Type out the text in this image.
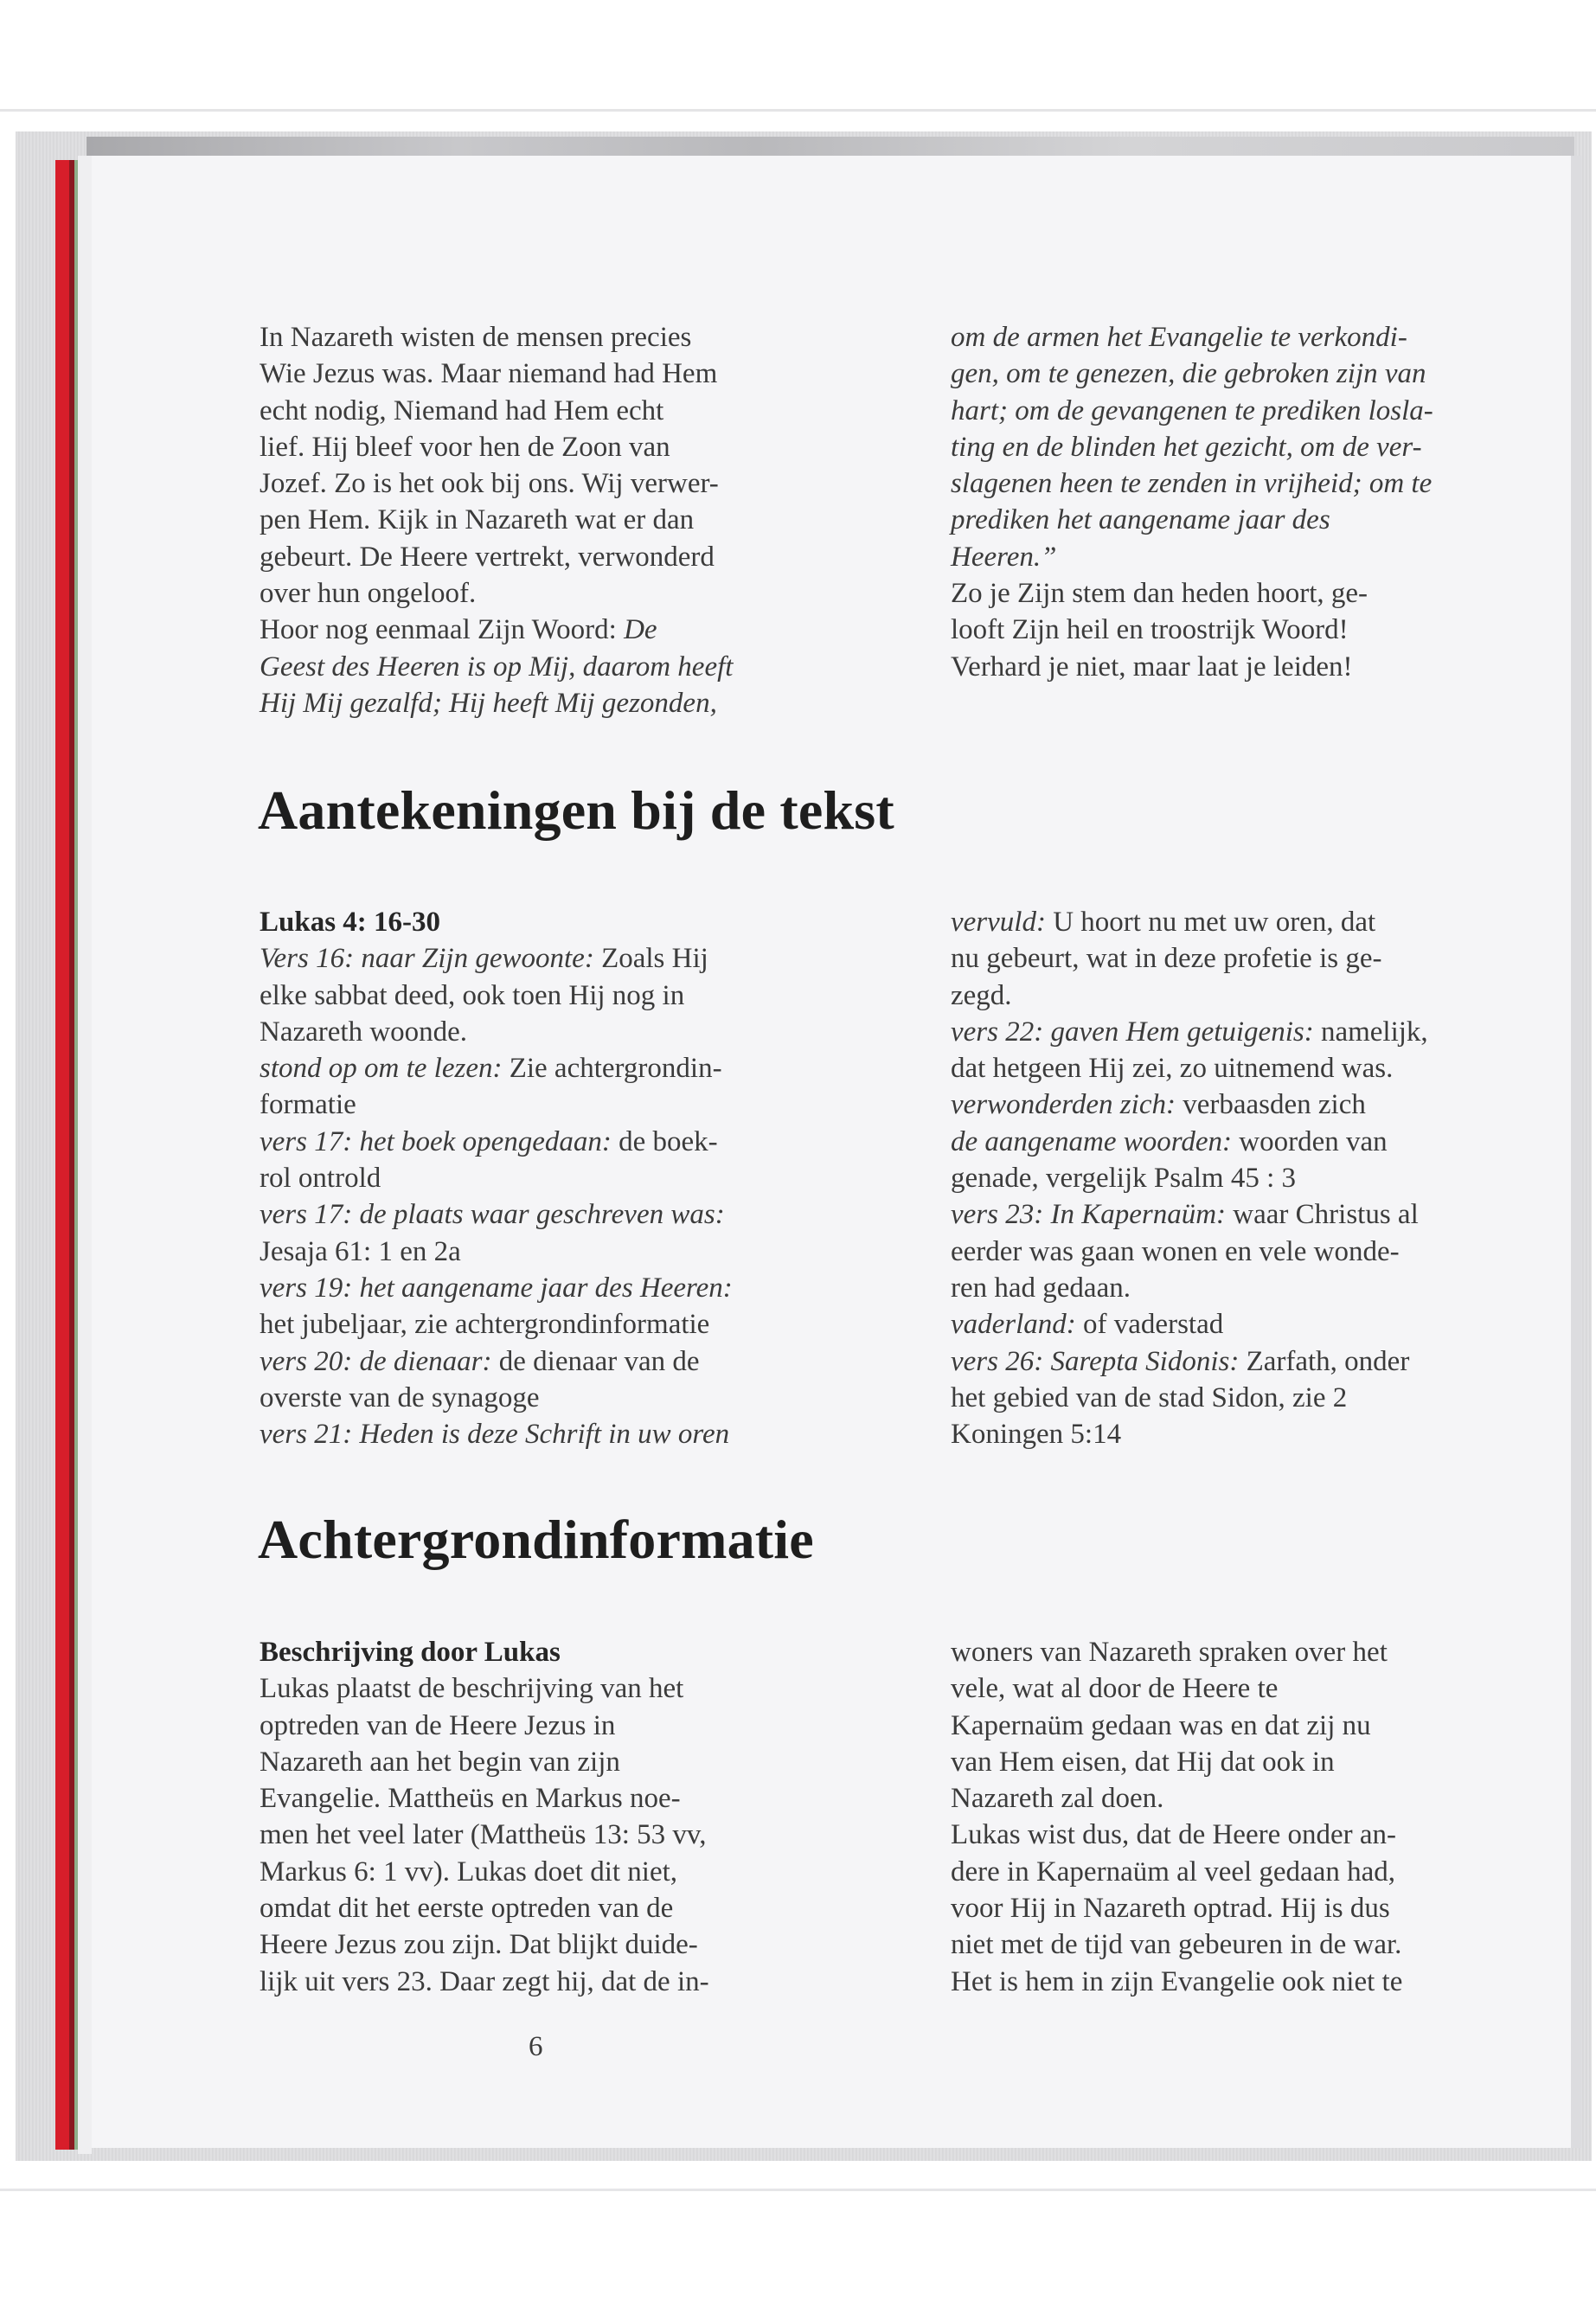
In Nazareth wisten de mensen precies

Wie Jezus was. Maar niemand had Hem

echt nodig, Niemand had Hem echt

lief. Hij bleef voor hen de Zoon van

Jozef. Zo is het ook bij ons. Wij verwer-

pen Hem. Kijk in Nazareth wat er dan

gebeurt. De Heere vertrekt, verwonderd

over hun ongeloof.

Hoor nog eenmaal Zijn Woord: De

Geest des Heeren is op Mij, daarom heeft

Hij Mij gezalfd; Hij heeft Mij gezonden,

om de armen het Evangelie te verkondi-

gen, om te genezen, die gebroken zijn van

hart; om de gevangenen te prediken losla-

ting en de blinden het gezicht, om de ver-

slagenen heen te zenden in vrijheid; om te

prediken het aangename jaar des

Heeren.”

Zo je Zijn stem dan heden hoort, ge-

looft Zijn heil en troostrijk Woord!

Verhard je niet, maar laat je leiden!

Aantekeningen bij de tekst

Lukas 4: 16-30

Vers 16: naar Zijn gewoonte: Zoals Hij

elke sabbat deed, ook toen Hij nog in

Nazareth woonde.

stond op om te lezen: Zie achtergrondin-

formatie

vers 17: het boek opengedaan: de boek-

rol ontrold

vers 17: de plaats waar geschreven was:

Jesaja 61: 1 en 2a

vers 19: het aangename jaar des Heeren:

het jubeljaar, zie achtergrondinformatie

vers 20: de dienaar: de dienaar van de

overste van de synagoge

vers 21: Heden is deze Schrift in uw oren

vervuld: U hoort nu met uw oren, dat

nu gebeurt, wat in deze profetie is ge-

zegd.

vers 22: gaven Hem getuigenis: namelijk,

dat hetgeen Hij zei, zo uitnemend was.

verwonderden zich: verbaasden zich

de aangename woorden: woorden van

genade, vergelijk Psalm 45 : 3

vers 23: In Kapernaüm: waar Christus al

eerder was gaan wonen en vele wonde-

ren had gedaan.

vaderland: of vaderstad

vers 26: Sarepta Sidonis: Zarfath, onder

het gebied van de stad Sidon, zie 2

Koningen 5:14

Achtergrondinformatie

Beschrijving door Lukas

Lukas plaatst de beschrijving van het

optreden van de Heere Jezus in

Nazareth aan het begin van zijn

Evangelie. Mattheüs en Markus noe-

men het veel later (Mattheüs 13: 53 vv,

Markus 6: 1 vv). Lukas doet dit niet,

omdat dit het eerste optreden van de

Heere Jezus zou zijn. Dat blijkt duide-

lijk uit vers 23. Daar zegt hij, dat de in-

woners van Nazareth spraken over het

vele, wat al door de Heere te

Kapernaüm gedaan was en dat zij nu

van Hem eisen, dat Hij dat ook in

Nazareth zal doen.

Lukas wist dus, dat de Heere onder an-

dere in Kapernaüm al veel gedaan had,

voor Hij in Nazareth optrad. Hij is dus

niet met de tijd van gebeuren in de war.

Het is hem in zijn Evangelie ook niet te

6
